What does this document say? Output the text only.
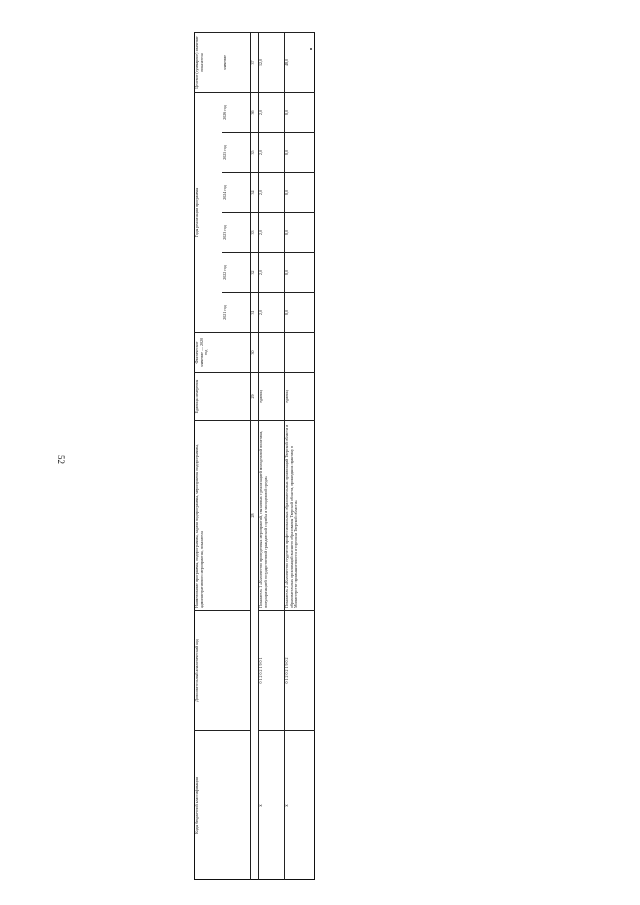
52
Коды бюджетной классификации
Дополнительный аналитический код
Наименование программы, подпрограммы, задачи подпрограммы, мероприятия подпрограммы, административного мероприятия, показателя
Единица измерения
Фактическое значение — 2020 год
Годы реализации программы
2021 год
2022 год
2023 год
2024 год
2025 год
2026 год
Целевое (суммарное) значение показателя	значение
28
29
30
31
32
33
34
35
36
37
х
0 1 2 0 2 1 9 0 1
Показатель 1 «Количество проведенных мероприятий, связанных с реализацией молодежной политики, популяризацией государственной гражданской службы и молодежной среди»
единиц
2,0
2,0
2,0
2,0
2,0
2,0
12,0
х
0 1 2 0 2 1 9 0 2
Показатель 2 «Количество студентов профессиональных образовательных организаций Тверской области и образовательных организаций высшего образования Тверской области, прошедших практику в Министерстве промышленности и торговли Тверской области»
единиц
8,0
8,0
8,0
8,0
8,0
8,0
48,0
